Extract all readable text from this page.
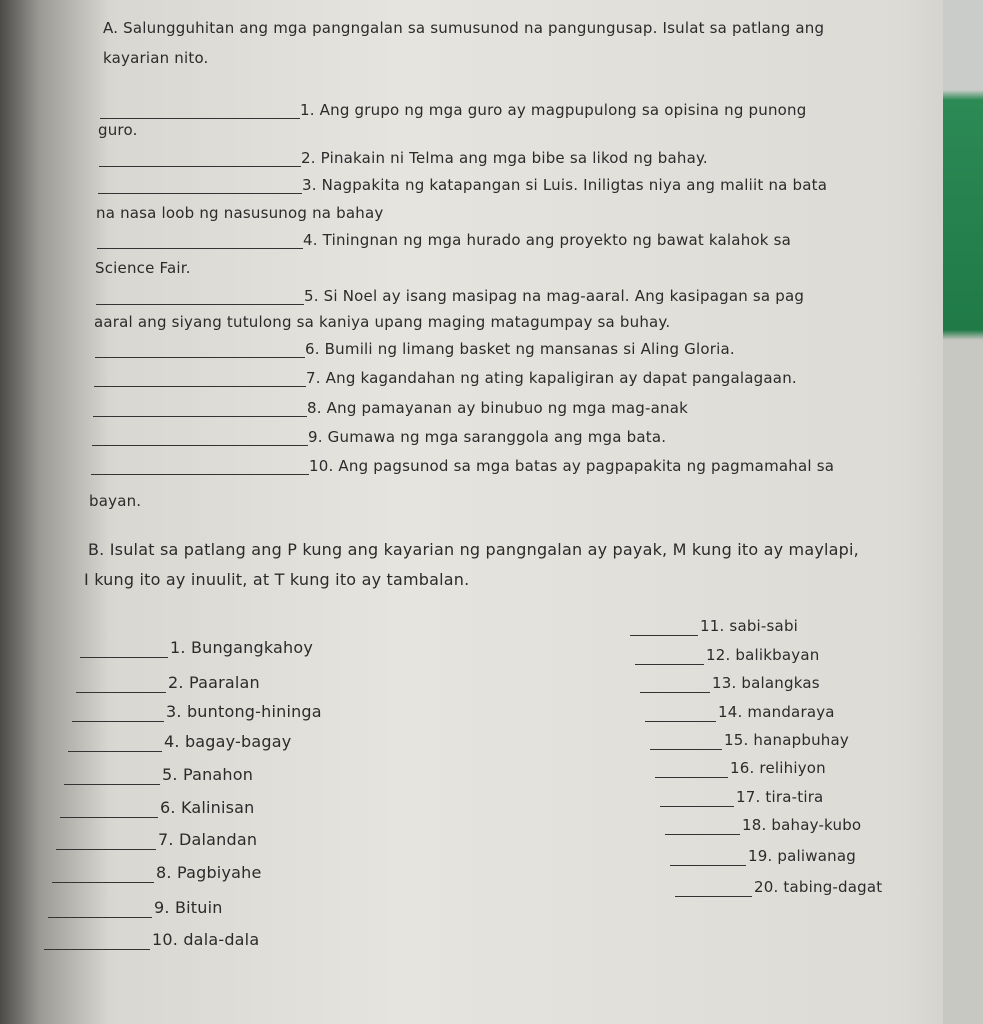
A. Salungguhitan ang mga pangngalan sa sumusunod na pangungusap. Isulat sa patlang ang
kayarian nito.
1. Ang grupo ng mga guro ay magpupulong sa opisina ng punong
guro.
2. Pinakain ni Telma ang mga bibe sa likod ng bahay.
3. Nagpakita ng katapangan si Luis. Iniligtas niya ang maliit na bata
na nasa loob ng nasusunog na bahay
4. Tiningnan ng mga hurado ang proyekto ng bawat kalahok sa
Science Fair.
5. Si Noel ay isang masipag na mag-aaral. Ang kasipagan sa pag
aaral ang siyang tutulong sa kaniya upang maging matagumpay sa buhay.
6. Bumili ng limang basket ng mansanas si Aling Gloria.
7. Ang kagandahan ng ating kapaligiran ay dapat pangalagaan.
8. Ang pamayanan ay binubuo ng mga mag-anak
9. Gumawa ng mga saranggola ang mga bata.
10. Ang pagsunod sa mga batas ay pagpapakita ng pagmamahal sa
bayan.
B. Isulat sa patlang ang P kung ang kayarian ng pangngalan ay payak, M kung ito ay maylapi,
I kung ito ay inuulit, at T kung ito ay tambalan.
1. Bungangkahoy
2. Paaralan
3. buntong-hininga
4. bagay-bagay
5. Panahon
6. Kalinisan
7. Dalandan
8. Pagbiyahe
9. Bituin
10. dala-dala
11. sabi-sabi
12. balikbayan
13. balangkas
14. mandaraya
15. hanapbuhay
16. relihiyon
17. tira-tira
18. bahay-kubo
19. paliwanag
20. tabing-dagat
